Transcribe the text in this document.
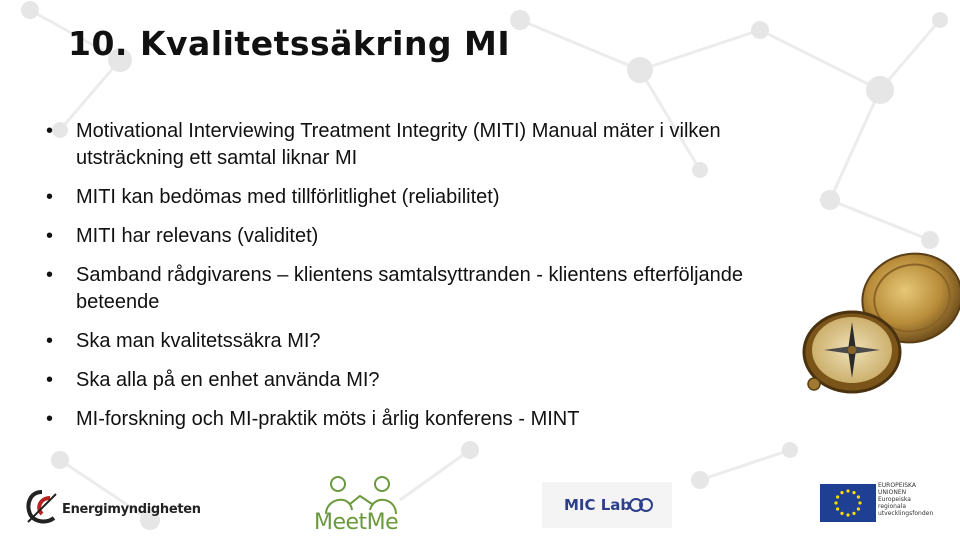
10. Kvalitetssäkring MI
• Motivational Interviewing Treatment Integrity (MITI) Manual mäter i vilken utsträckning ett samtal liknar MI
• MITI kan bedömas med tillförlitlighet (reliabilitet)
• MITI har relevans (validitet)
• Samband rådgivarens – klientens samtalsyttranden - klientens efterföljande beteende
• Ska man kvalitetssäkra MI?
• Ska alla på en enhet använda MI?
• MI-forskning och MI-praktik möts i årlig konferens - MINT
Energimyndigheten
MeetMe
MIC Lab
EUROPEISKA
UNIONEN
Europeiska
regionala
utvecklingsfonden
